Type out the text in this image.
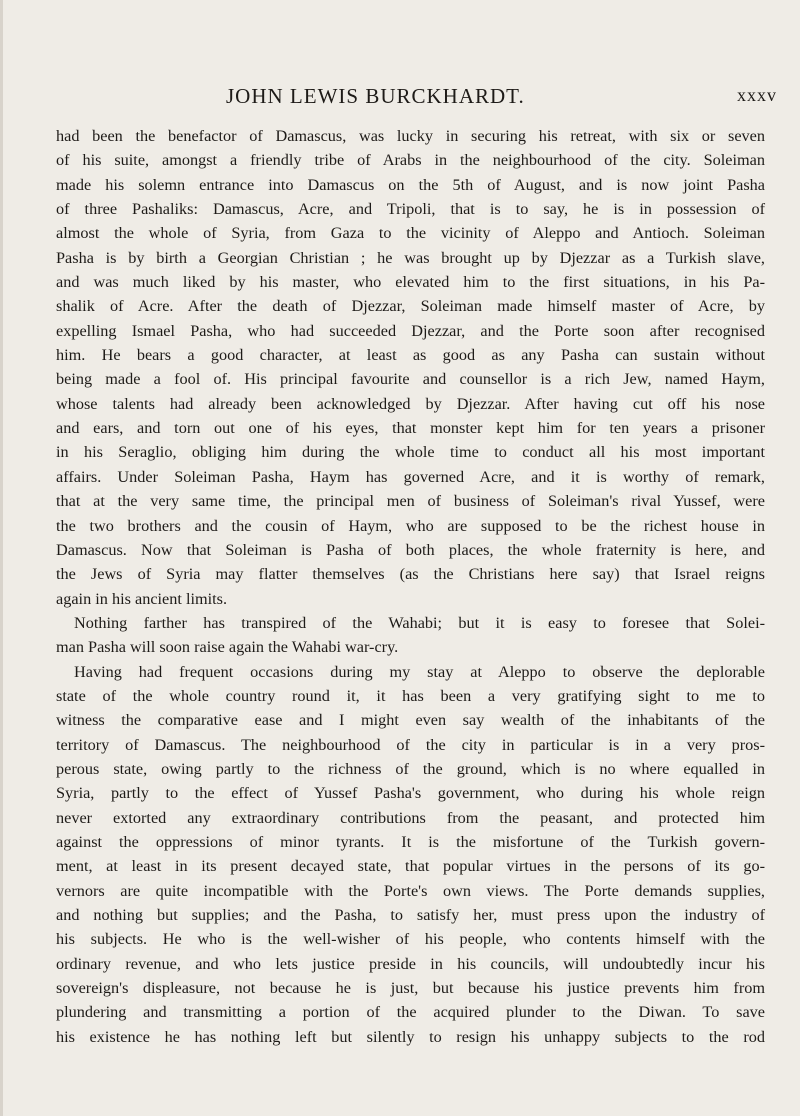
JOHN LEWIS BURCKHARDT.	xxxv
had been the benefactor of Damascus, was lucky in securing his retreat, with six or seven
of his suite, amongst a friendly tribe of Arabs in the neighbourhood of the city. Soleiman
made his solemn entrance into Damascus on the 5th of August, and is now joint Pasha
of three Pashaliks: Damascus, Acre, and Tripoli, that is to say, he is in possession of
almost the whole of Syria, from Gaza to the vicinity of Aleppo and Antioch. Soleiman
Pasha is by birth a Georgian Christian ; he was brought up by Djezzar as a Turkish slave,
and was much liked by his master, who elevated him to the first situations, in his Pa-
shalik of Acre. After the death of Djezzar, Soleiman made himself master of Acre, by
expelling Ismael Pasha, who had succeeded Djezzar, and the Porte soon after recognised
him. He bears a good character, at least as good as any Pasha can sustain without
being made a fool of. His principal favourite and counsellor is a rich Jew, named Haym,
whose talents had already been acknowledged by Djezzar. After having cut off his nose
and ears, and torn out one of his eyes, that monster kept him for ten years a prisoner
in his Seraglio, obliging him during the whole time to conduct all his most important
affairs. Under Soleiman Pasha, Haym has governed Acre, and it is worthy of remark,
that at the very same time, the principal men of business of Soleiman's rival Yussef, were
the two brothers and the cousin of Haym, who are supposed to be the richest house in
Damascus. Now that Soleiman is Pasha of both places, the whole fraternity is here, and
the Jews of Syria may flatter themselves (as the Christians here say) that Israel reigns
again in his ancient limits.
Nothing farther has transpired of the Wahabi; but it is easy to foresee that Solei-
man Pasha will soon raise again the Wahabi war-cry.
Having had frequent occasions during my stay at Aleppo to observe the deplorable
state of the whole country round it, it has been a very gratifying sight to me to
witness the comparative ease and I might even say wealth of the inhabitants of the
territory of Damascus. The neighbourhood of the city in particular is in a very pros-
perous state, owing partly to the richness of the ground, which is no where equalled in
Syria, partly to the effect of Yussef Pasha's government, who during his whole reign
never extorted any extraordinary contributions from the peasant, and protected him
against the oppressions of minor tyrants. It is the misfortune of the Turkish govern-
ment, at least in its present decayed state, that popular virtues in the persons of its go-
vernors are quite incompatible with the Porte's own views. The Porte demands supplies,
and nothing but supplies; and the Pasha, to satisfy her, must press upon the industry of
his subjects. He who is the well-wisher of his people, who contents himself with the
ordinary revenue, and who lets justice preside in his councils, will undoubtedly incur his
sovereign's displeasure, not because he is just, but because his justice prevents him from
plundering and transmitting a portion of the acquired plunder to the Diwan. To save
his existence he has nothing left but silently to resign his unhappy subjects to the rod
